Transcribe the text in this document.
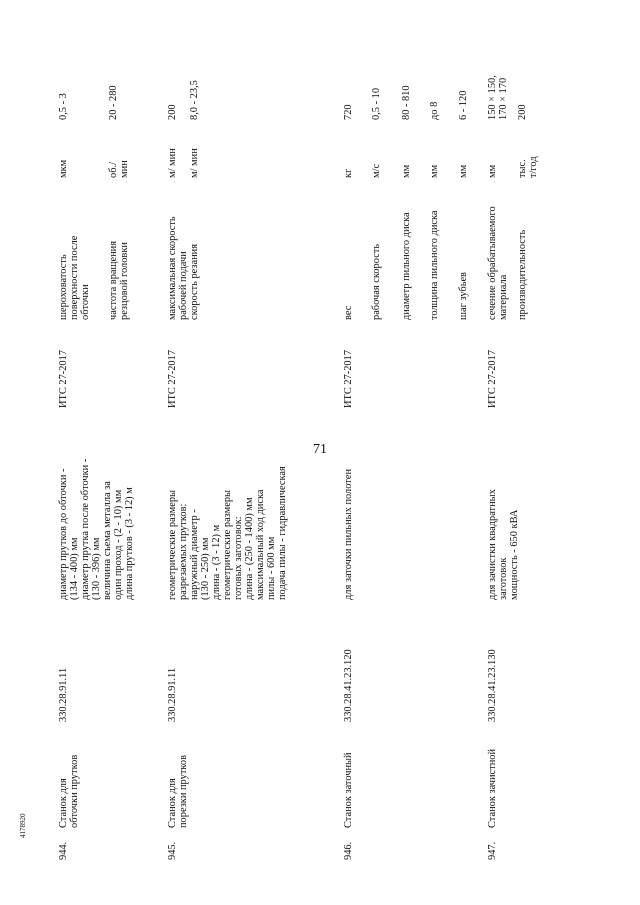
71
944.
Станок для
обточки прутков
330.28.91.11
диаметр прутков до обточки -
(134 - 400) мм
диаметр прутка после обточки -
(130 - 396) мм
величина съема металла за
один проход - (2 - 10) мм
длина прутков - (3 - 12) м
ИТС 27-2017

шероховатость
поверхности после
обточки частота вращения
резцовой головки

мкм	об./
мин

0,5 - 3	20 - 280

945.
Станок для
порезки прутков
330.28.91.11
геометрические размеры
разрезаемых прутков:
наружный диаметр -
(130 - 250) мм
длина - (3 - 12) м
геометрические размеры
готовых заготовок:
длина - (250 - 1400) мм
максимальный ход диска
пилы - 600 мм
подача пилы - гидравлическая
ИТС 27-2017

максимальная скорость
рабочей подачи скорость резания

м/ мин м/ мин

200 8,0 - 23,5

946.
Станок заточный
330.28.41.23.120
для заточки пильных полотен
ИТС 27-2017

вес рабочая скорость диаметр пильного диска толщина пильного диска шаг зубьев

кг м/с мм мм мм

720 0,5 - 10 80 - 810 до 8 6 - 120

947.
Станок зачистной
330.28.41.23.130
для зачистки квадратных
заготовок
мощность - 650 кВА
ИТС 27-2017

сечение обрабатываемого
материала производительность

мм тыс.
т/год

150 × 150,
170 × 170

200

4178920
